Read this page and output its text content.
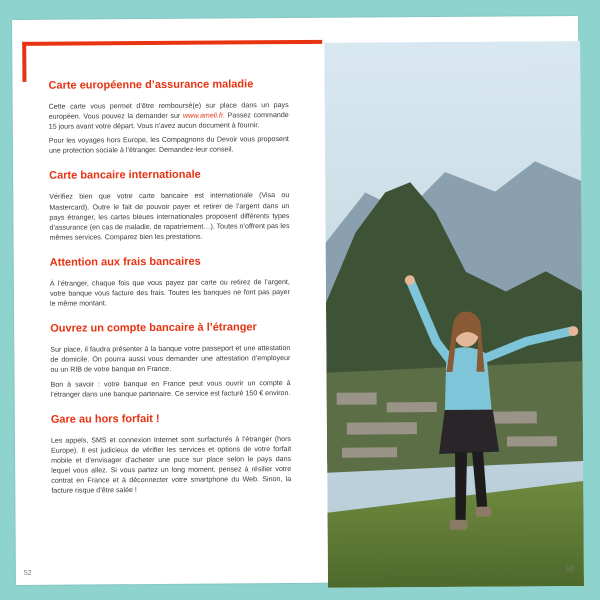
Carte européenne d’assurance maladie

Cette carte vous permet d’être remboursé(e) sur place dans un pays européen. Vous pouvez la demander sur www.ameli.fr. Passez commande 15 jours avant votre départ. Vous n’avez aucun document à fournir.

Pour les voyages hors Europe, les Compagnons du Devoir vous proposent une protection sociale à l’étranger. Demandez-leur conseil.

Carte bancaire internationale

Vérifiez bien que votre carte bancaire est internationale (Visa ou Mastercard). Outre le fait de pouvoir payer et retirer de l’argent dans un pays étranger, les cartes bleues internationales proposent différents types d’assurance (en cas de maladie, de rapatriement…). Toutes n’offrent pas les mêmes services. Comparez bien les prestations.

Attention aux frais bancaires

À l’étranger, chaque fois que vous payez par carte ou retirez de l’argent, votre banque vous facture des frais. Toutes les banques ne font pas payer le même montant.

Ouvrez un compte bancaire à l’étranger

Sur place, il faudra présenter à la banque votre passeport et une attestation de domicile. On pourra aussi vous demander une attestation d’employeur ou un RIB de votre banque en France.

Bon à savoir : votre banque en France peut vous ouvrir un compte à l’étranger dans une banque partenaire. Ce service est facturé 150 € environ.

Gare au hors forfait !

Les appels, SMS et connexion Internet sont surfacturés à l’étranger (hors Europe). Il est judicieux de vérifier les services et options de votre forfait mobile et d’envisager d’acheter une puce sur place selon le pays dans lequel vous allez. Si vous partez un long moment, pensez à résilier votre contrat en France et à déconnecter votre smartphone du Web. Sinon, la facture risque d’être salée !

52
53
